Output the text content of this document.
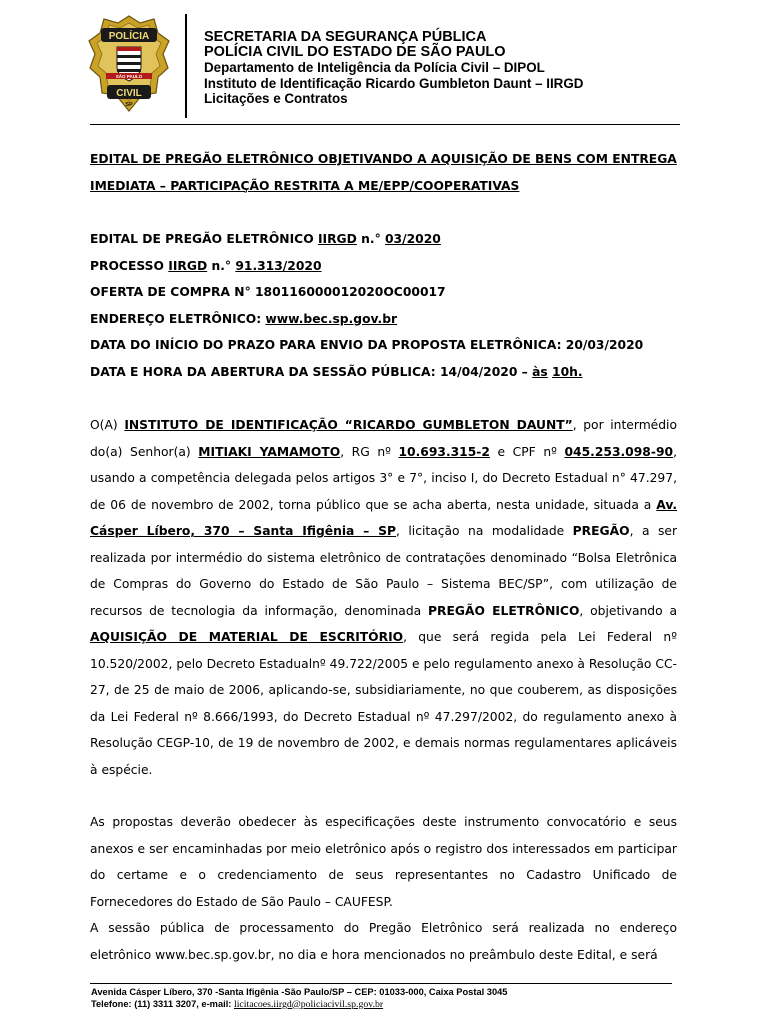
POLÍCIA
SÃO PAULO
CIVIL
SP
SECRETARIA DA SEGURANÇA PÚBLICA
POLÍCIA CIVIL DO ESTADO DE SÃO PAULO
Departamento de Inteligência da Polícia Civil – DIPOL
Instituto de Identificação Ricardo Gumbleton Daunt – IIRGD
Licitações e Contratos
EDITAL DE PREGÃO ELETRÔNICO OBJETIVANDO A AQUISIÇÃO DE BENS COM ENTREGA
IMEDIATA – PARTICIPAÇÃO RESTRITA A ME/EPP/COOPERATIVAS
EDITAL DE PREGÃO ELETRÔNICO IIRGD n.° 03/2020
PROCESSO IIRGD n.° 91.313/2020
OFERTA DE COMPRA N° 180116000012020OC00017
ENDEREÇO ELETRÔNICO: www.bec.sp.gov.br
DATA DO INÍCIO DO PRAZO PARA ENVIO DA PROPOSTA ELETRÔNICA: 20/03/2020
DATA E HORA DA ABERTURA DA SESSÃO PÚBLICA: 14/04/2020 – às 10h.

O(A) INSTITUTO DE IDENTIFICAÇÃO “RICARDO GUMBLETON DAUNT”, por intermédio do(a) Senhor(a) MITIAKI YAMAMOTO, RG nº 10.693.315-2 e CPF nº 045.253.098-90, usando a competência delegada pelos artigos 3° e 7°, inciso I, do Decreto Estadual n° 47.297, de 06 de novembro de 2002, torna público que se acha aberta, nesta unidade, situada a Av. Cásper Líbero, 370 – Santa Ifigênia – SP, licitação na modalidade PREGÃO, a ser realizada por intermédio do sistema eletrônico de contratações denominado “Bolsa Eletrônica de Compras do Governo do Estado de São Paulo – Sistema BEC/SP”, com utilização de recursos de tecnologia da informação, denominada PREGÃO ELETRÔNICO, objetivando a AQUISIÇÃO DE MATERIAL DE ESCRITÓRIO, que será regida pela Lei Federal nº 10.520/2002, pelo Decreto Estadualnº 49.722/2005 e pelo regulamento anexo à Resolução CC-27, de 25 de maio de 2006, aplicando-se, subsidiariamente, no que couberem, as disposições da Lei Federal nº 8.666/1993, do Decreto Estadual nº 47.297/2002, do regulamento anexo à Resolução CEGP-10, de 19 de novembro de 2002, e demais normas regulamentares aplicáveis à espécie.

As propostas deverão obedecer às especificações deste instrumento convocatório e seus anexos e ser encaminhadas por meio eletrônico após o registro dos interessados em participar do certame e o credenciamento de seus representantes no Cadastro Unificado de Fornecedores do Estado de São Paulo – CAUFESP.

A sessão pública de processamento do Pregão Eletrônico será realizada no endereço eletrônico www.bec.sp.gov.br, no dia e hora mencionados no preâmbulo deste Edital, e será

Avenida Cásper Líbero, 370 -Santa Ifigênia -São Paulo/SP – CEP: 01033-000, Caixa Postal 3045
Telefone: (11) 3311 3207, e-mail: licitacoes.iirgd@policiacivil.sp.gov.br
